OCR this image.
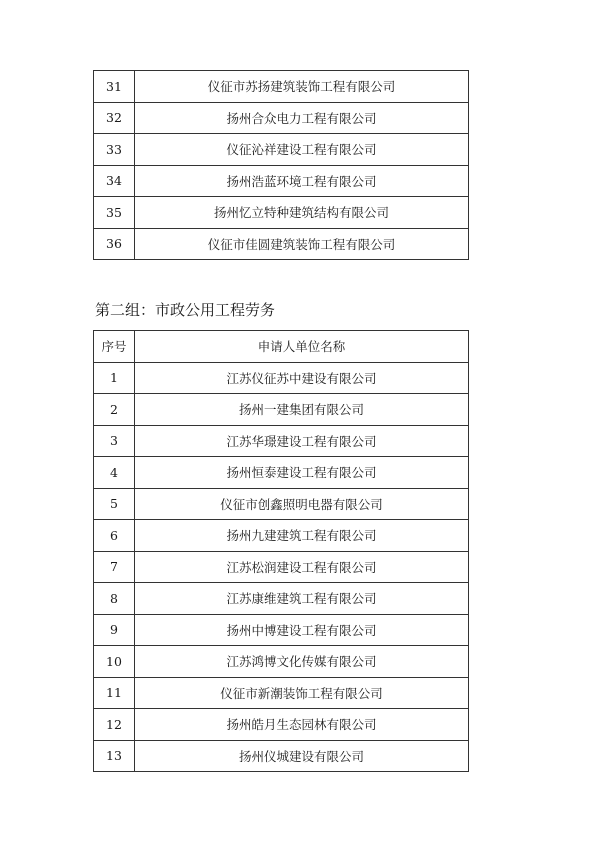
31	仪征市苏扬建筑装饰工程有限公司
32	扬州合众电力工程有限公司
33	仪征沁祥建设工程有限公司
34	扬州浩蓝环境工程有限公司
35	扬州忆立特种建筑结构有限公司
36	仪征市佳圆建筑装饰工程有限公司
第二组：市政公用工程劳务
序号	申请人单位名称
1	江苏仪征苏中建设有限公司
2	扬州一建集团有限公司
3	江苏华璟建设工程有限公司
4	扬州恒泰建设工程有限公司
5	仪征市创鑫照明电器有限公司
6	扬州九建建筑工程有限公司
7	江苏松润建设工程有限公司
8	江苏康维建筑工程有限公司
9	扬州中博建设工程有限公司
10	江苏鸿博文化传媒有限公司
11	仪征市新潮装饰工程有限公司
12	扬州皓月生态园林有限公司
13	扬州仪城建设有限公司
